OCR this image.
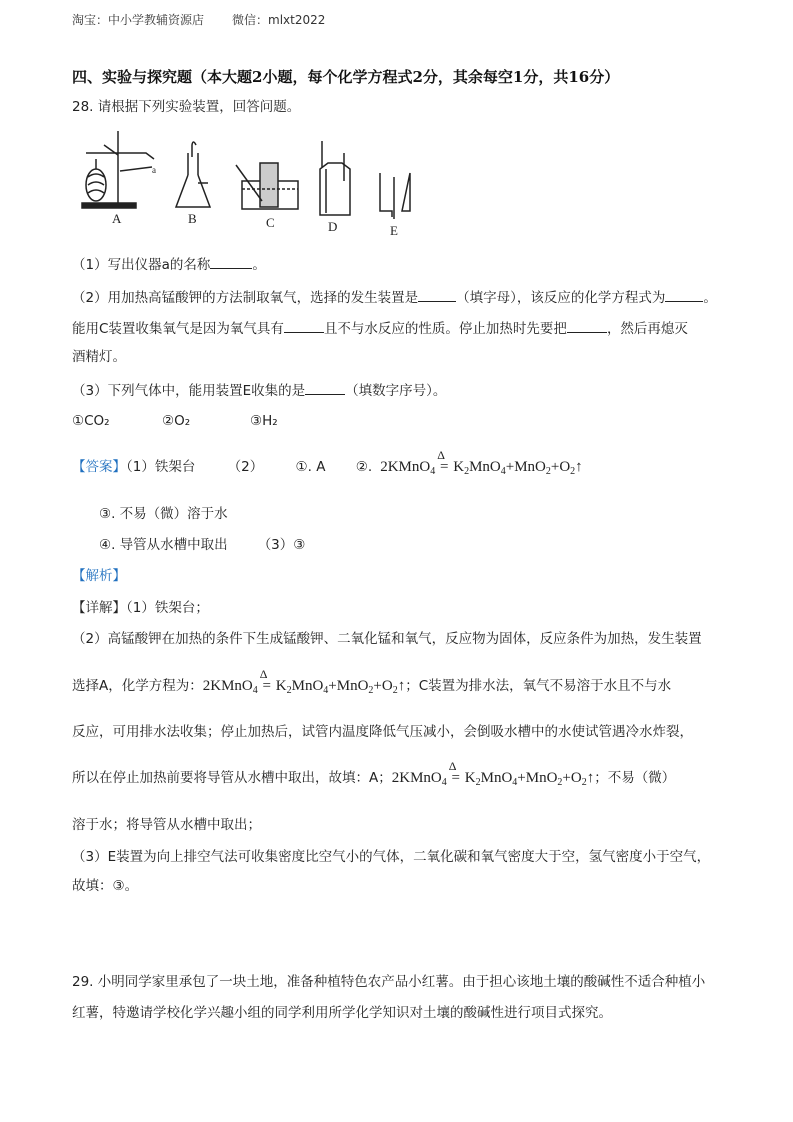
淘宝：中小学教辅资源店 微信：mlxt2022
四、实验与探究题（本大题2小题，每个化学方程式2分，其余每空1分，共16分）
28. 请根据下列实验装置，回答问题。
a
A	B	C	D	E
（1）写出仪器a的名称	。
（2）用加热高锰酸钾的方法制取氧气，选择的发生装置是	（填字母），该反应的化学方程式为	。
能用C装置收集氧气是因为氧气具有	且不与水反应的性质。停止加热时先要把	，然后再熄灭
酒精灯。
（3）下列气体中，能用装置E收集的是	（填数字序号）。
①CO₂	②O₂	③H₂
【答案】（1）铁架台 （2） ①. A ②.  2KMnO$_4$
Δ
= $K_2MnO_4+MnO_2+O_2↑$
③. 不易（微）溶于水
④. 导管从水槽中取出 （3）③
【解析】
【详解】（1）铁架台；
（2）高锰酸钾在加热的条件下生成锰酸钾、二氧化锰和氧气，反应物为固体，反应条件为加热，发生装置
选择A，化学方程为：2KMnO$_4$
Δ
= $K_2MnO_4+MnO_2+O_2↑$；C装置为排水法，氧气不易溶于水且不与水
反应，可用排水法收集；停止加热后，试管内温度降低气压减小，会倒吸水槽中的水使试管遇冷水炸裂，
所以在停止加热前要将导管从水槽中取出，故填：A；2KMnO$_4$
Δ
= $K_2MnO_4+MnO_2+O_2↑$；不易（微）
溶于水；将导管从水槽中取出；
（3）E装置为向上排空气法可收集密度比空气小的气体，二氧化碳和氧气密度大于空，氢气密度小于空气，
故填：③。
29. 小明同学家里承包了一块土地，准备种植特色农产品小红薯。由于担心该地土壤的酸碱性不适合种植小
红薯，特邀请学校化学兴趣小组的同学利用所学化学知识对土壤的酸碱性进行项目式探究。
